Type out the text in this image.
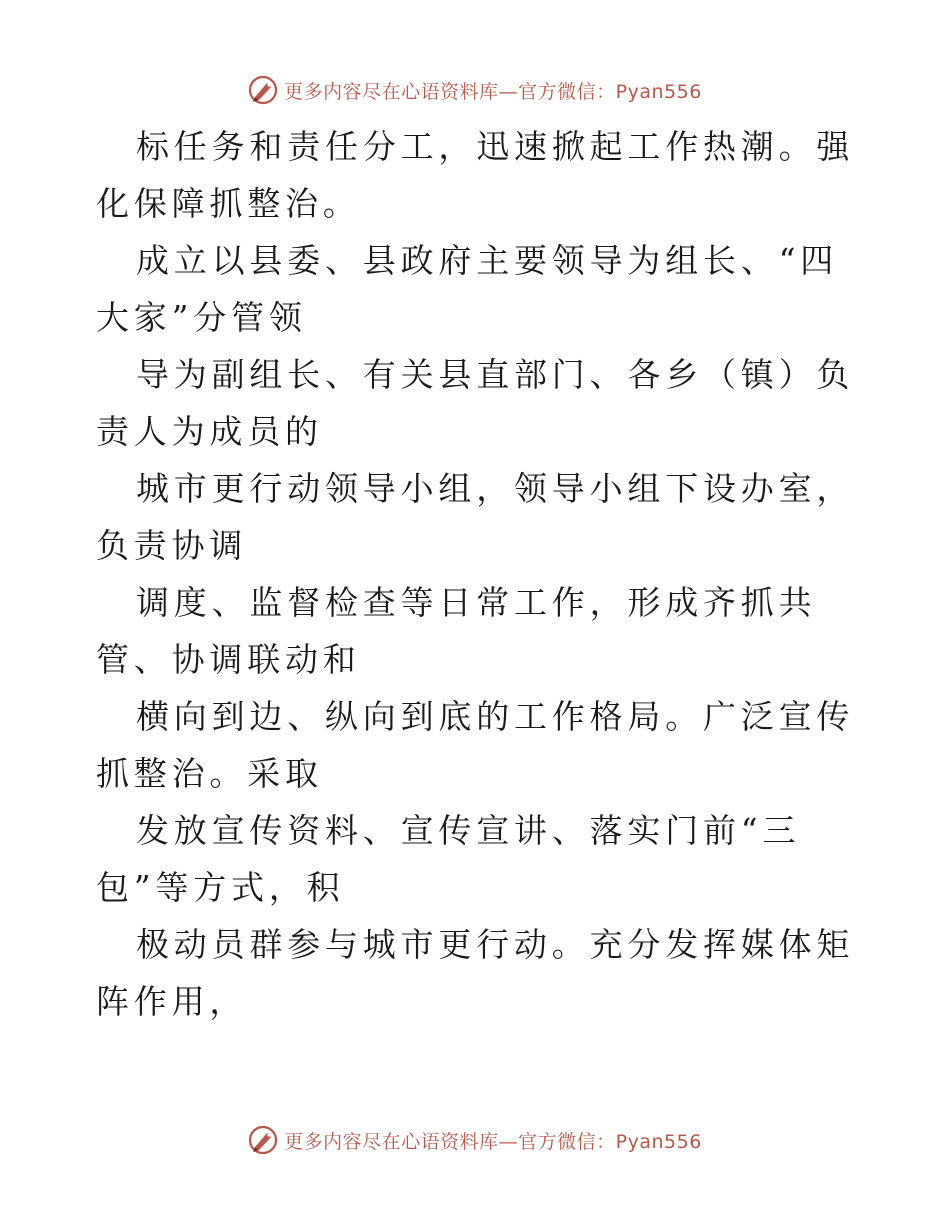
更多内容尽在心语资料库—官方微信：Pyan556

标任务和责任分工，迅速掀起工作热潮。强化保障抓整治。

成立以县委、县政府主要领导为组长、“四大家”分管领

导为副组长、有关县直部门、各乡（镇）负责人为成员的

城市更行动领导小组，领导小组下设办室，负责协调

调度、监督检查等日常工作，形成齐抓共管、协调联动和

横向到边、纵向到底的工作格局。广泛宣传抓整治。采取

发放宣传资料、宣传宣讲、落实门前“三包”等方式，积

极动员群参与城市更行动。充分发挥媒体矩阵作用，

更多内容尽在心语资料库—官方微信：Pyan556
